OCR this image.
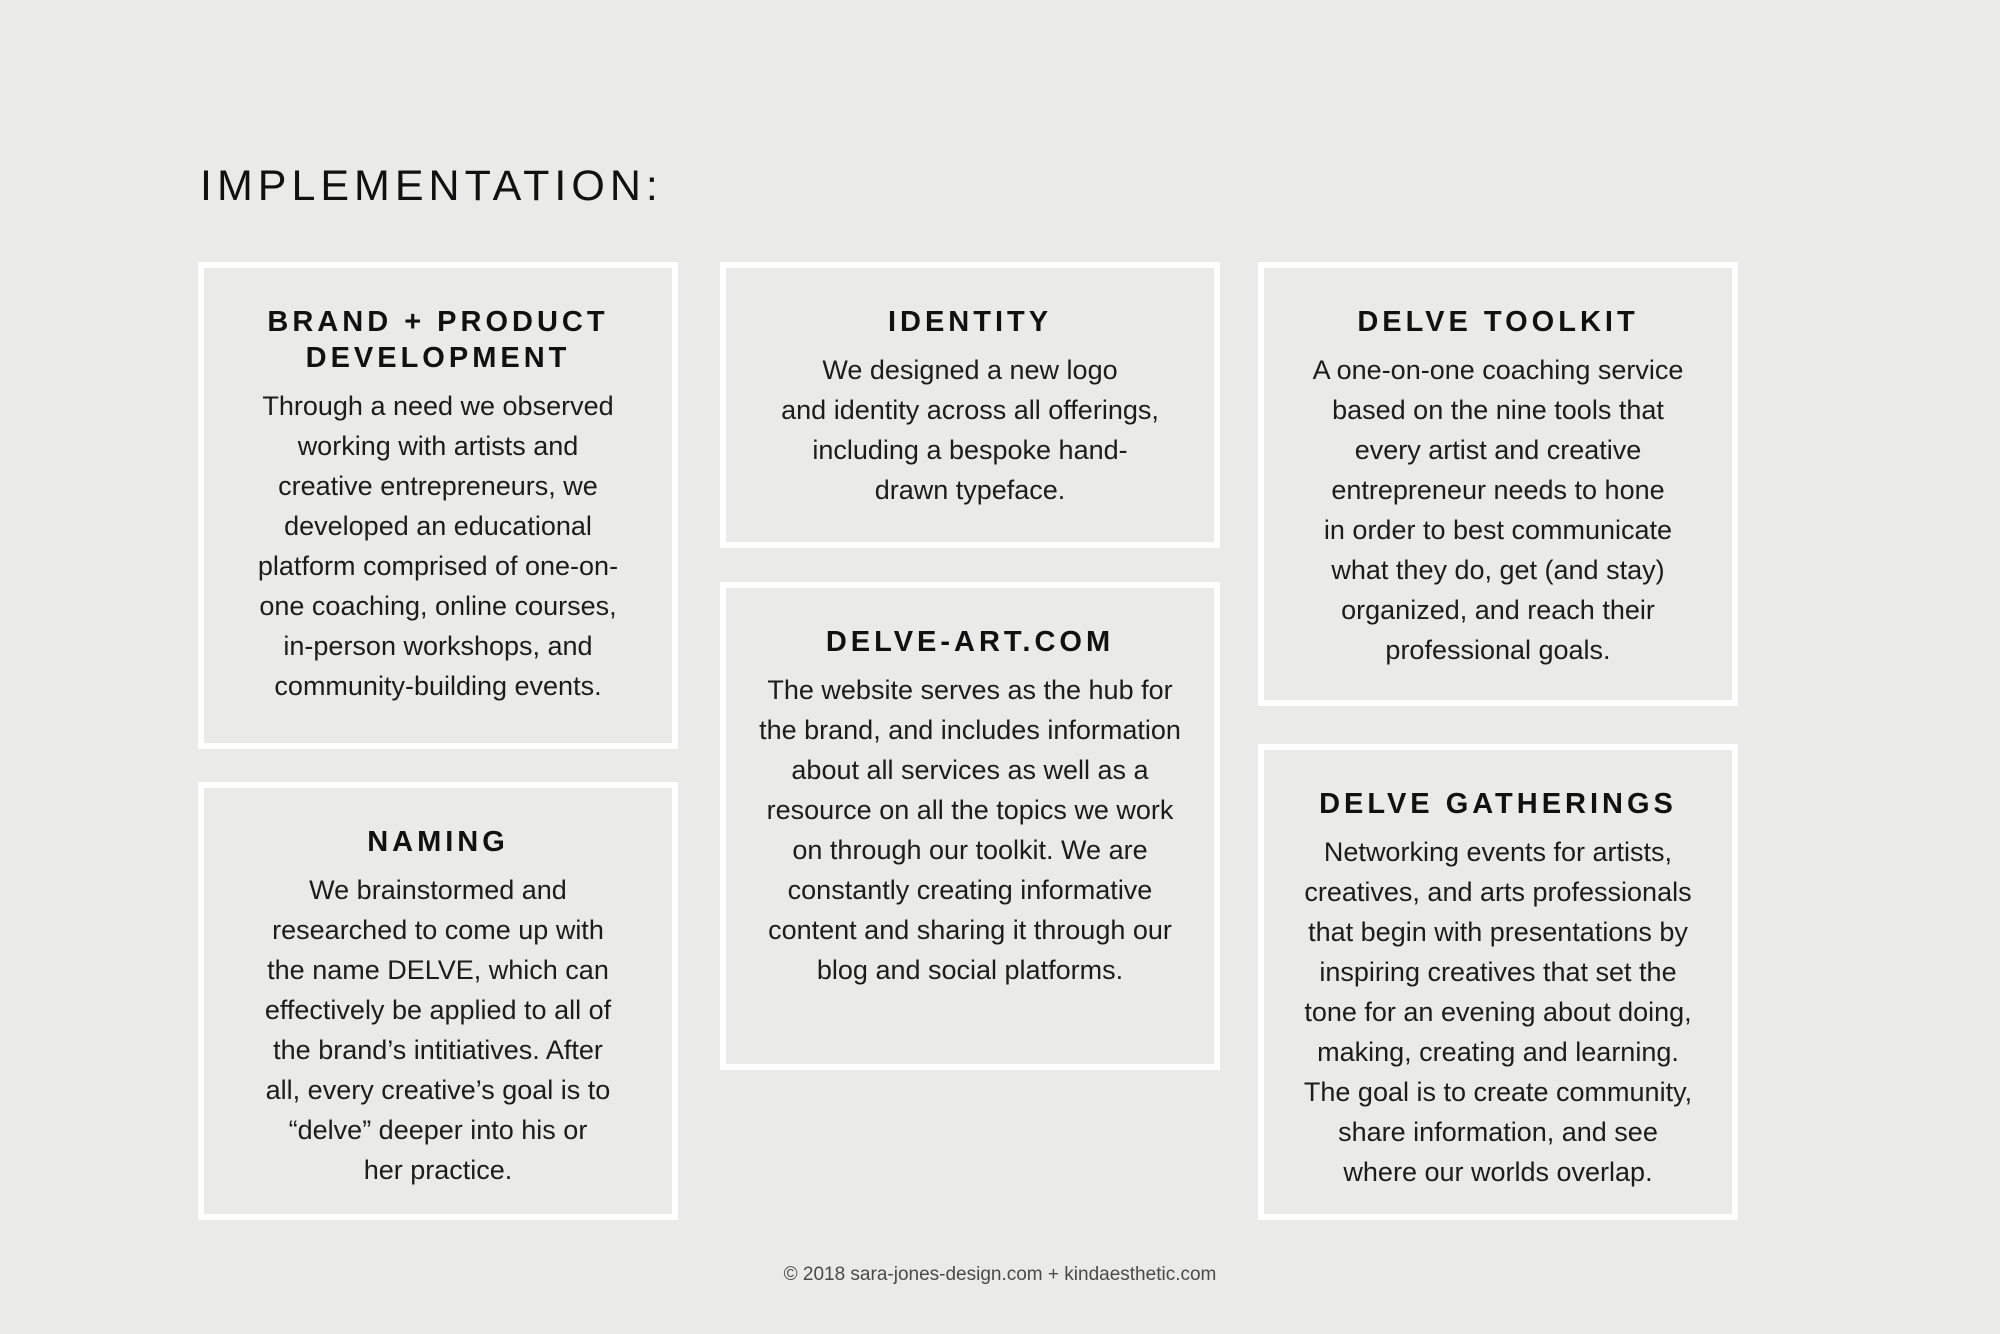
IMPLEMENTATION:
BRAND + PRODUCT
DEVELOPMENT

Through a need we observed
working with artists and
creative entrepreneurs, we
developed an educational
platform comprised of one-on-
one coaching, online courses,
in-person workshops, and
community-building events.

NAMING

We brainstormed and
researched to come up with
the name DELVE, which can
effectively be applied to all of
the brand’s intitiatives. After
all, every creative’s goal is to
“delve” deeper into his or
her practice.

IDENTITY

We designed a new logo
and identity across all offerings,
including a bespoke hand-
drawn typeface.

DELVE-ART.COM

The website serves as the hub for
the brand, and includes information
about all services as well as a
resource on all the topics we work
on through our toolkit. We are
constantly creating informative
content and sharing it through our
blog and social platforms.

DELVE TOOLKIT

A one-on-one coaching service
based on the nine tools that
every artist and creative
entrepreneur needs to hone
in order to best communicate
what they do, get (and stay)
organized, and reach their
professional goals.

DELVE GATHERINGS

Networking events for artists,
creatives, and arts professionals
that begin with presentations by
inspiring creatives that set the
tone for an evening about doing,
making, creating and learning.
The goal is to create community,
share information, and see
where our worlds overlap.

© 2018 sara-jones-design.com + kindaesthetic.com
